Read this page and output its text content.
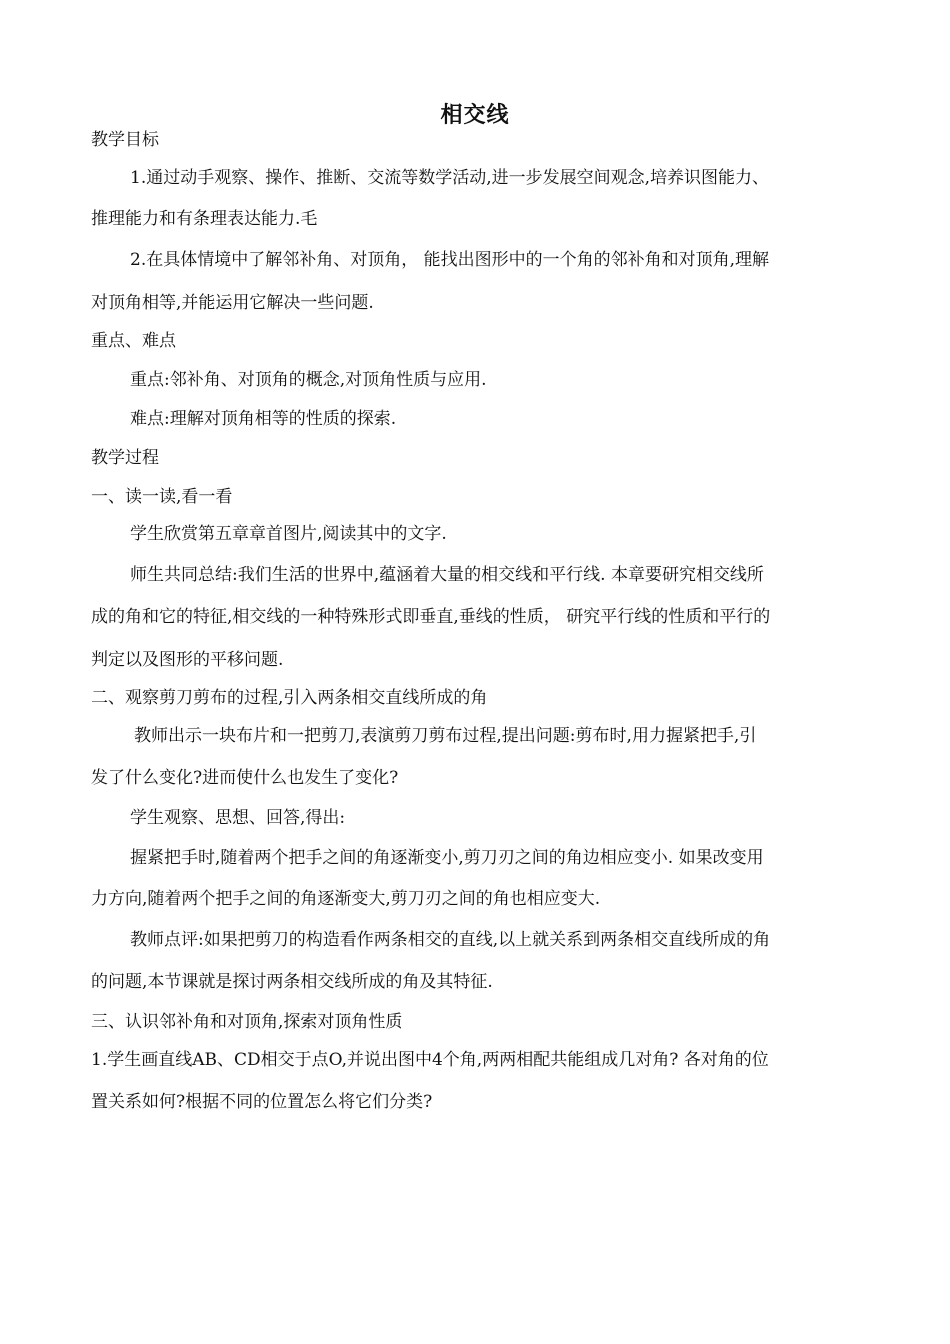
相交线
教学目标
1.通过动手观察、操作、推断、交流等数学活动,进一步发展空间观念,培养识图能力、
推理能力和有条理表达能力.毛
2.在具体情境中了解邻补角、对顶角， 能找出图形中的一个角的邻补角和对顶角,理解
对顶角相等,并能运用它解决一些问题.
重点、难点
重点:邻补角、对顶角的概念,对顶角性质与应用.
难点:理解对顶角相等的性质的探索.
教学过程
一、读一读,看一看
学生欣赏第五章章首图片,阅读其中的文字.
师生共同总结:我们生活的世界中,蕴涵着大量的相交线和平行线. 本章要研究相交线所
成的角和它的特征,相交线的一种特殊形式即垂直,垂线的性质， 研究平行线的性质和平行的
判定以及图形的平移问题.
二、观察剪刀剪布的过程,引入两条相交直线所成的角
教师出示一块布片和一把剪刀,表演剪刀剪布过程,提出问题:剪布时,用力握紧把手,引
发了什么变化?进而使什么也发生了变化?
学生观察、思想、回答,得出:
握紧把手时,随着两个把手之间的角逐渐变小,剪刀刃之间的角边相应变小. 如果改变用
力方向,随着两个把手之间的角逐渐变大,剪刀刃之间的角也相应变大.
教师点评:如果把剪刀的构造看作两条相交的直线,以上就关系到两条相交直线所成的角
的问题,本节课就是探讨两条相交线所成的角及其特征.
三、认识邻补角和对顶角,探索对顶角性质
1.学生画直线AB、CD相交于点O,并说出图中4个角,两两相配共能组成几对角? 各对角的位
置关系如何?根据不同的位置怎么将它们分类?
